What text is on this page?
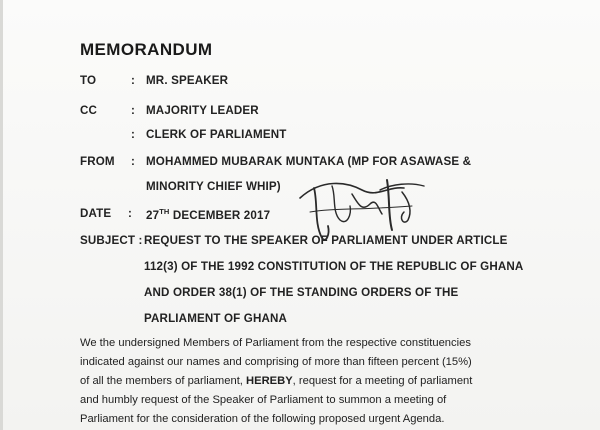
MEMORANDUM
TO	: MR. SPEAKER
CC	: MAJORITY LEADER
: CLERK OF PARLIAMENT
FROM : MOHAMMED MUBARAK MUNTAKA (MP FOR ASAWASE &
MINORITY CHIEF WHIP)
DATE : 27TH DECEMBER 2017
SUBJECT : REQUEST TO THE SPEAKER OF PARLIAMENT UNDER ARTICLE
112(3) OF THE 1992 CONSTITUTION OF THE REPUBLIC OF GHANA
AND ORDER 38(1) OF THE STANDING ORDERS OF THE
PARLIAMENT OF GHANA
We the undersigned Members of Parliament from the respective constituencies
indicated against our names and comprising of more than fifteen percent (15%)
of all the members of parliament, HEREBY, request for a meeting of parliament
and humbly request of the Speaker of Parliament to summon a meeting of
Parliament for the consideration of the following proposed urgent Agenda.
